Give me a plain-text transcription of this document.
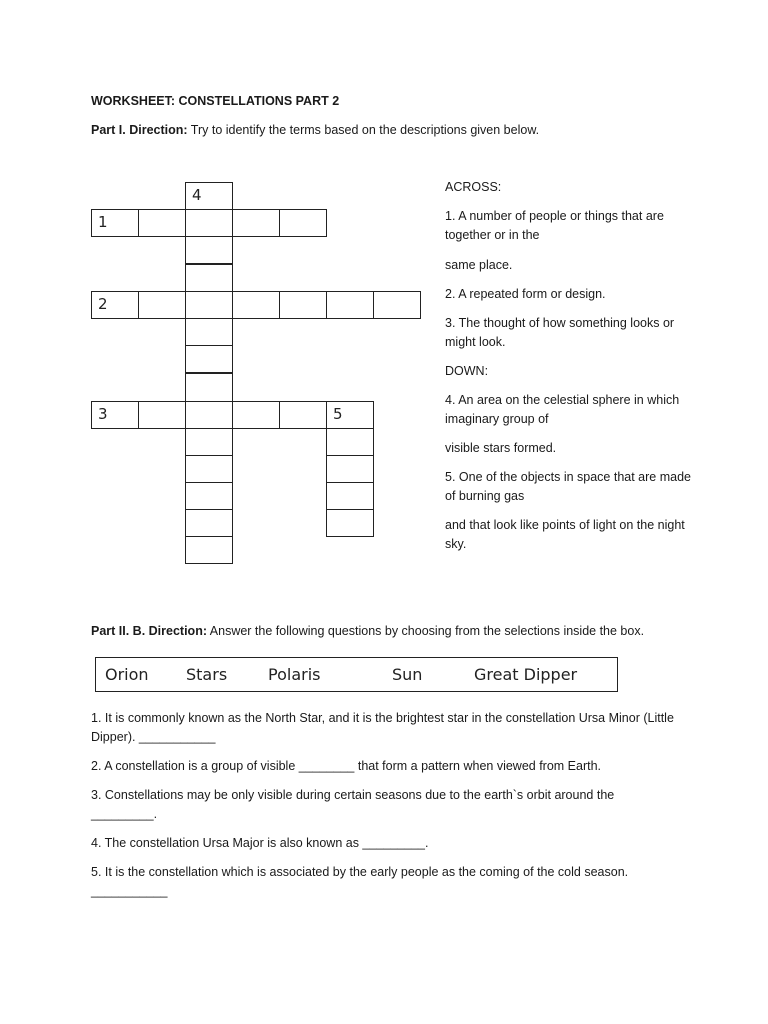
WORKSHEET: CONSTELLATIONS PART 2
Part I. Direction: Try to identify the terms based on the descriptions given below.
1
2
3
4
5
ACROSS:
1. A number of people or things that are together or in the
same place.
2. A repeated form or design.
3. The thought of how something looks or might look.
DOWN:
4. An area on the celestial sphere in which imaginary group of
visible stars formed.
5. One of the objects in space that are made of burning gas
and that look like points of light on the night sky.
Part II. B. Direction: Answer the following questions by choosing from the selections inside the box.
Orion Stars	Polaris	Sun	Great Dipper
1. It is commonly known as the North Star, and it is the brightest star in the constellation Ursa Minor (Little Dipper). ___________
2. A constellation is a group of visible ________ that form a pattern when viewed from Earth.
3. Constellations may be only visible during certain seasons due to the earth`s orbit around the _________.
4. The constellation Ursa Major is also known as _________.
5. It is the constellation which is associated by the early people as the coming of the cold season. ___________
